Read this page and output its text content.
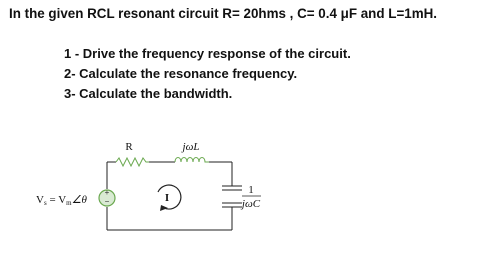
In the given RCL resonant circuit R= 20hms , C= 0.4 μF and L=1mH.
1 - Drive the frequency response of the circuit.
2- Calculate the resonance frequency.
3- Calculate the bandwidth.
R	jωL
1
jωC
+
−
Vs = Vm∠θ	I
